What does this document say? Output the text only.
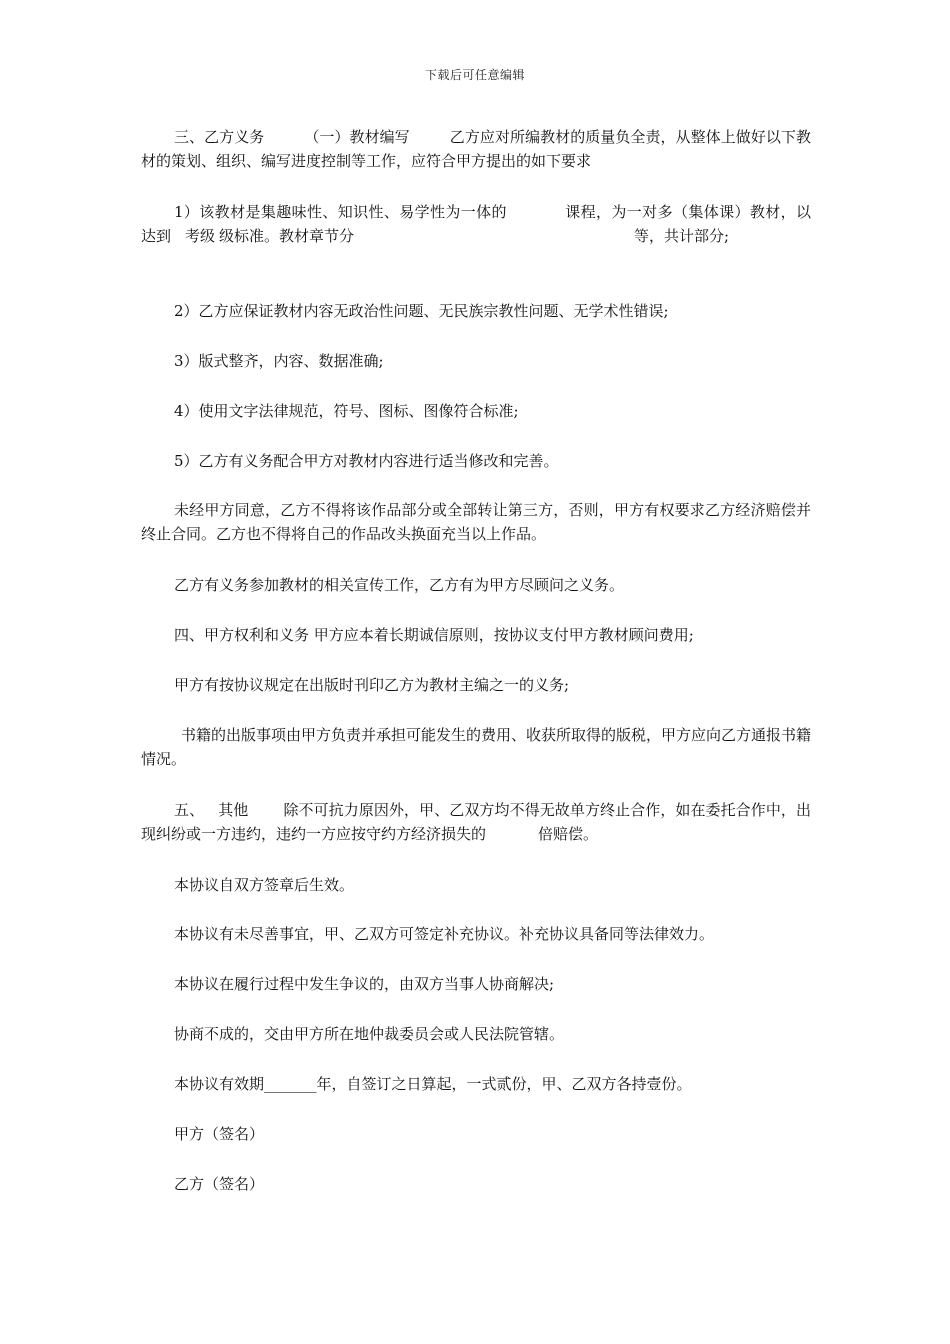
下载后可任意编辑

三、乙方义务	（一）教材编写	乙方应对所编教材的质量负全责，从整体上做好以下教材的策划、组织、编写进度控制等工作，应符合甲方提出的如下要求

1）该教材是集趣味性、知识性、易学性为一体的	课程，为一对多（集体课）教材，以达到 考级 级标准。教材章节分	等，共计部分;

2）乙方应保证教材内容无政治性问题、无民族宗教性问题、无学术性错误;

3）版式整齐，内容、数据准确;

4）使用文字法律规范，符号、图标、图像符合标准;

5）乙方有义务配合甲方对教材内容进行适当修改和完善。

未经甲方同意，乙方不得将该作品部分或全部转让第三方，否则，甲方有权要求乙方经济赔偿并终止合同。乙方也不得将自己的作品改头换面充当以上作品。

乙方有义务参加教材的相关宣传工作，乙方有为甲方尽顾问之义务。

四、甲方权利和义务 甲方应本着长期诚信原则，按协议支付甲方教材顾问费用;

甲方有按协议规定在出版时刊印乙方为教材主编之一的义务;

书籍的出版事项由甲方负责并承担可能发生的费用、收获所取得的版税，甲方应向乙方通报书籍情况。

五、 其他 除不可抗力原因外，甲、乙双方均不得无故单方终止合作，如在委托合作中，出现纠纷或一方违约，违约一方应按守约方经济损失的	倍赔偿。

本协议自双方签章后生效。

本协议有未尽善事宜，甲、乙双方可签定补充协议。补充协议具备同等法律效力。

本协议在履行过程中发生争议的，由双方当事人协商解决;

协商不成的，交由甲方所在地仲裁委员会或人民法院管辖。

本协议有效期_______年，自签订之日算起，一式贰份，甲、乙双方各持壹份。

甲方（签名）

乙方（签名）
